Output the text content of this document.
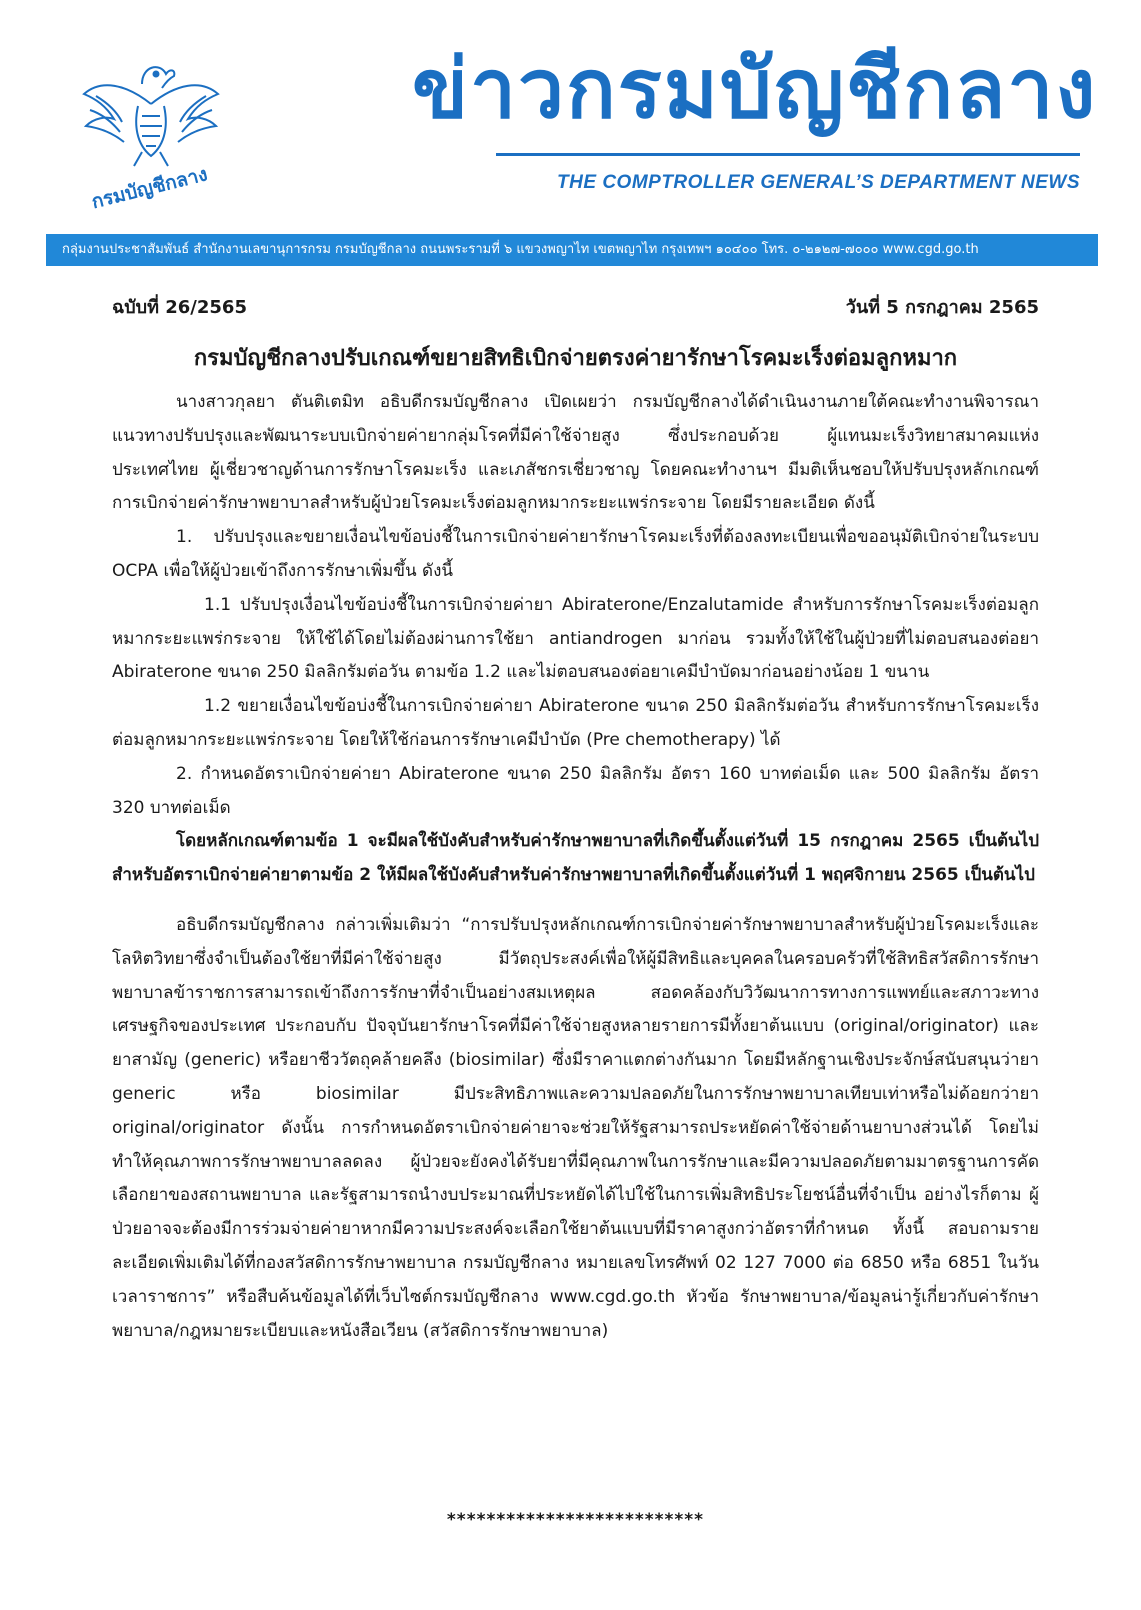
กรมบัญชีกลาง
ข่าวกรมบัญชีกลาง
THE COMPTROLLER GENERAL’S DEPARTMENT NEWS
กลุ่มงานประชาสัมพันธ์ สำนักงานเลขานุการกรม กรมบัญชีกลาง ถนนพระรามที่ ๖ แขวงพญาไท เขตพญาไท กรุงเทพฯ ๑๐๔๐๐ โทร. ๐-๒๑๒๗-๗๐๐๐ www.cgd.go.th
ฉบับที่ 26/2565	วันที่ 5 กรกฎาคม 2565
กรมบัญชีกลางปรับเกณฑ์ขยายสิทธิเบิกจ่ายตรงค่ายารักษาโรคมะเร็งต่อมลูกหมาก

นางสาวกุลยา ตันติเตมิท อธิบดีกรมบัญชีกลาง เปิดเผยว่า กรมบัญชีกลางได้ดำเนินงานภายใต้คณะทำงานพิจารณาแนวทางปรับปรุงและพัฒนาระบบเบิกจ่ายค่ายากลุ่มโรคที่มีค่าใช้จ่ายสูง ซึ่งประกอบด้วย ผู้แทนมะเร็งวิทยาสมาคมแห่งประเทศไทย ผู้เชี่ยวชาญด้านการรักษาโรคมะเร็ง และเภสัชกรเชี่ยวชาญ โดยคณะทำงานฯ มีมติเห็นชอบให้ปรับปรุงหลักเกณฑ์การเบิกจ่ายค่ารักษาพยาบาลสำหรับผู้ป่วยโรคมะเร็งต่อมลูกหมากระยะแพร่กระจาย โดยมีรายละเอียด ดังนี้

1. ปรับปรุงและขยายเงื่อนไขข้อบ่งชี้ในการเบิกจ่ายค่ายารักษาโรคมะเร็งที่ต้องลงทะเบียนเพื่อขออนุมัติเบิกจ่ายในระบบ OCPA เพื่อให้ผู้ป่วยเข้าถึงการรักษาเพิ่มขึ้น ดังนี้

1.1 ปรับปรุงเงื่อนไขข้อบ่งชี้ในการเบิกจ่ายค่ายา Abiraterone/Enzalutamide สำหรับการรักษาโรคมะเร็งต่อมลูกหมากระยะแพร่กระจาย ให้ใช้ได้โดยไม่ต้องผ่านการใช้ยา antiandrogen มาก่อน รวมทั้งให้ใช้ในผู้ป่วยที่ไม่ตอบสนองต่อยา Abiraterone ขนาด 250 มิลลิกรัมต่อวัน ตามข้อ 1.2 และไม่ตอบสนองต่อยาเคมีบำบัดมาก่อนอย่างน้อย 1 ขนาน

1.2 ขยายเงื่อนไขข้อบ่งชี้ในการเบิกจ่ายค่ายา Abiraterone ขนาด 250 มิลลิกรัมต่อวัน สำหรับการรักษาโรคมะเร็งต่อมลูกหมากระยะแพร่กระจาย โดยให้ใช้ก่อนการรักษาเคมีบำบัด (Pre chemotherapy) ได้

2. กำหนดอัตราเบิกจ่ายค่ายา Abiraterone ขนาด 250 มิลลิกรัม อัตรา 160 บาทต่อเม็ด และ 500 มิลลิกรัม อัตรา 320 บาทต่อเม็ด

โดยหลักเกณฑ์ตามข้อ 1 จะมีผลใช้บังคับสำหรับค่ารักษาพยาบาลที่เกิดขึ้นตั้งแต่วันที่ 15 กรกฎาคม 2565 เป็นต้นไป สำหรับอัตราเบิกจ่ายค่ายาตามข้อ 2 ให้มีผลใช้บังคับสำหรับค่ารักษาพยาบาลที่เกิดขึ้นตั้งแต่วันที่ 1 พฤศจิกายน 2565 เป็นต้นไป

อธิบดีกรมบัญชีกลาง กล่าวเพิ่มเติมว่า “การปรับปรุงหลักเกณฑ์การเบิกจ่ายค่ารักษาพยาบาลสำหรับผู้ป่วยโรคมะเร็งและโลหิตวิทยาซึ่งจำเป็นต้องใช้ยาที่มีค่าใช้จ่ายสูง มีวัตถุประสงค์เพื่อให้ผู้มีสิทธิและบุคคลในครอบครัวที่ใช้สิทธิสวัสดิการรักษาพยาบาลข้าราชการสามารถเข้าถึงการรักษาที่จำเป็นอย่างสมเหตุผล สอดคล้องกับวิวัฒนาการทางการแพทย์และสภาวะทางเศรษฐกิจของประเทศ ประกอบกับ ปัจจุบันยารักษาโรคที่มีค่าใช้จ่ายสูงหลายรายการมีทั้งยาต้นแบบ (original/originator) และยาสามัญ (generic) หรือยาชีววัตถุคล้ายคลึง (biosimilar) ซึ่งมีราคาแตกต่างกันมาก โดยมีหลักฐานเชิงประจักษ์สนับสนุนว่ายา generic หรือ biosimilar มีประสิทธิภาพและความปลอดภัยในการรักษาพยาบาลเทียบเท่าหรือไม่ด้อยกว่ายา original/originator ดังนั้น การกำหนดอัตราเบิกจ่ายค่ายาจะช่วยให้รัฐสามารถประหยัดค่าใช้จ่ายด้านยาบางส่วนได้ โดยไม่ทำให้คุณภาพการรักษาพยาบาลลดลง ผู้ป่วยจะยังคงได้รับยาที่มีคุณภาพในการรักษาและมีความปลอดภัยตามมาตรฐานการคัดเลือกยาของสถานพยาบาล และรัฐสามารถนำงบประมาณที่ประหยัดได้ไปใช้ในการเพิ่มสิทธิประโยชน์อื่นที่จำเป็น อย่างไรก็ตาม ผู้ป่วยอาจจะต้องมีการร่วมจ่ายค่ายาหากมีความประสงค์จะเลือกใช้ยาต้นแบบที่มีราคาสูงกว่าอัตราที่กำหนด ทั้งนี้ สอบถามรายละเอียดเพิ่มเติมได้ที่กองสวัสดิการรักษาพยาบาล กรมบัญชีกลาง หมายเลขโทรศัพท์ 02 127 7000 ต่อ 6850 หรือ 6851 ในวัน เวลาราชการ” หรือสืบค้นข้อมูลได้ที่เว็บไซต์กรมบัญชีกลาง www.cgd.go.th หัวข้อ รักษาพยาบาล/ข้อมูลน่ารู้เกี่ยวกับค่ารักษาพยาบาล/กฎหมายระเบียบและหนังสือเวียน (สวัสดิการรักษาพยาบาล)

**************************
